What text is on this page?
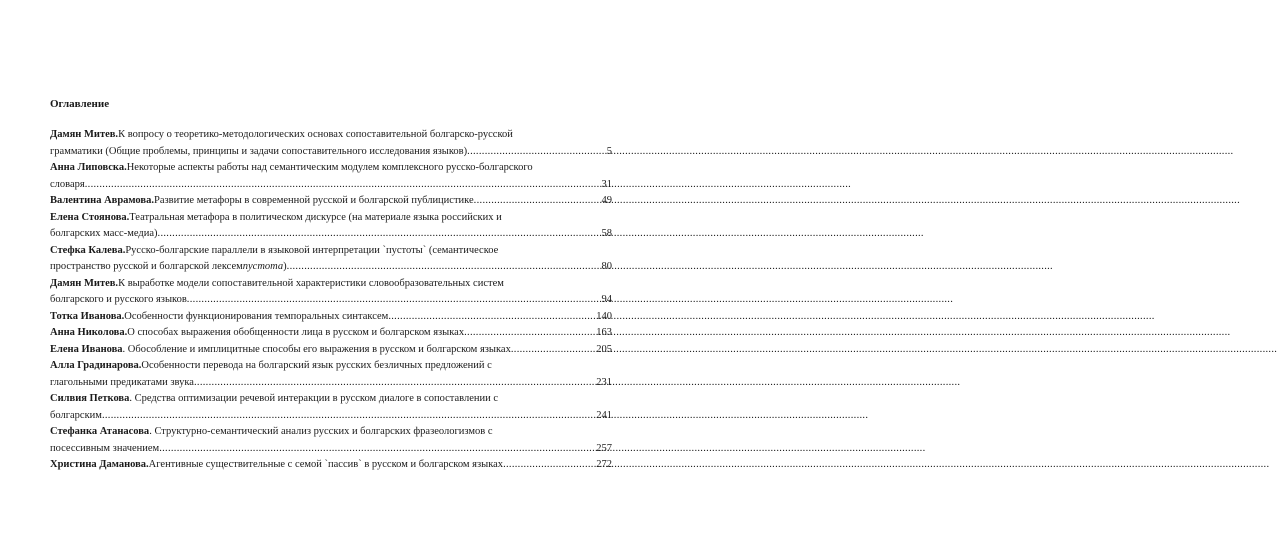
Оглавление
Дамян Митев. К вопросу о теоретико-методологических основах сопоставительной болгарско-русской
грамматики (Общие проблемы, принципы и задачи сопоставительного исследования языков) .....	5
Анна Липовска. Некоторые аспекты работы над семантическим модулем комплексного русско-болгарского
словаря .....	31
Валентина Аврамова. Развитие метафоры в современной русской и болгарской публицистике .....	49
Елена Стоянова. Театральная метафора в политическом дискурсе (на материале языка российских и
болгарских масс-медиа) .....	58
Стефка Калева. Русско-болгарские параллели в языковой интерпретации `пустоты` (семантическое
пространство русской и болгарской лексем пустота ) .....	80
Дамян Митев. К выработке модели сопоставительной характеристики словообразовательных систем
болгарского и русского языков .....	94
Тотка Иванова. Особенности функционирования темпоральных синтаксем .....	140
Анна Николова. О способах выражения обобщенности лица в русском и болгарском языках .....	163
Елена Иванова . Обособление и имплицитные способы его выражения в русском и болгарском языках .....	205
Алла Градинарова. Особенности перевода на болгарский язык русских безличных предложений с
глагольными предикатами звука .....	231
Силвия Петкова . Средства оптимизации речевой интеракции в русском диалоге в сопоставлении с
болгарским .....	241
Стефанка Атанасова . Структурно-семантический анализ русских и болгарских фразеологизмов с
посессивным значением .....	257
Христина Даманова. Агентивные существительные с семой `пассив` в русском и болгарском языках .....	272
